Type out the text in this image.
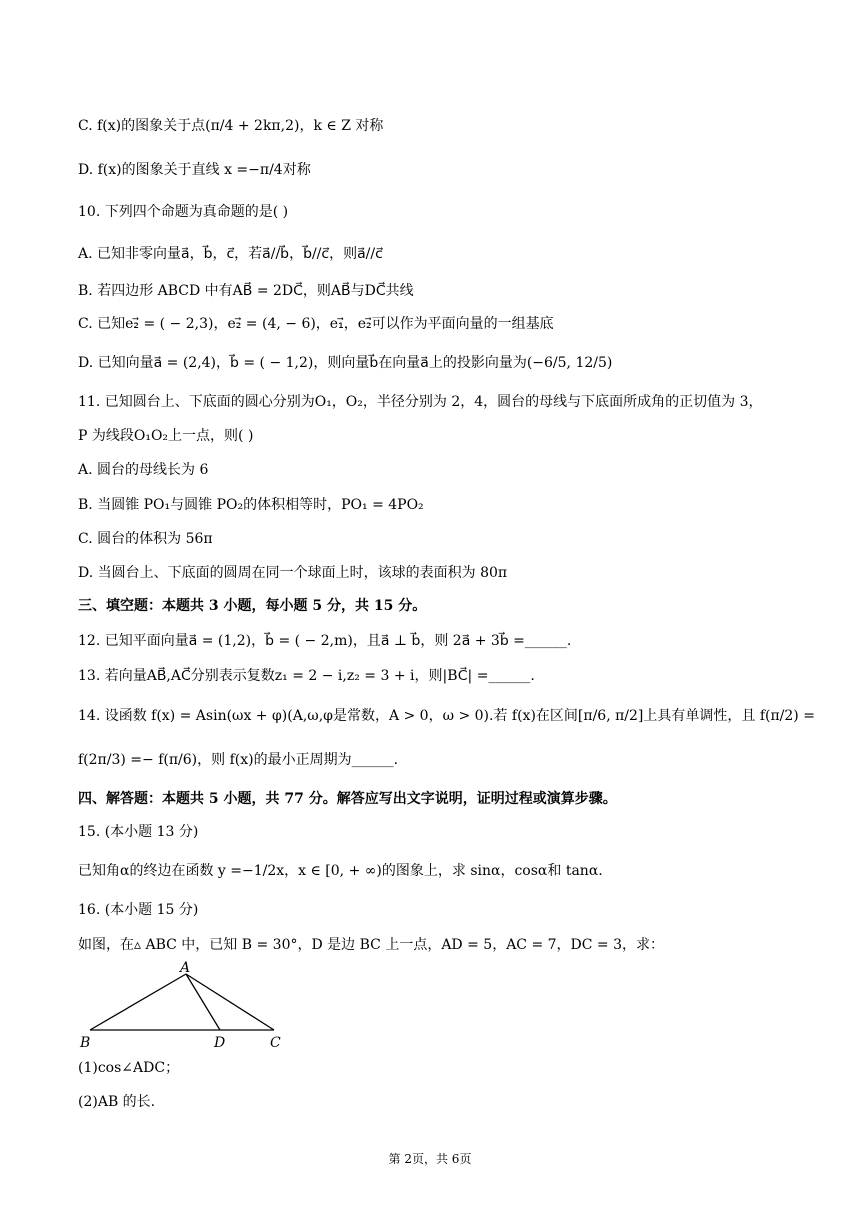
C. f(x)的图象关于点(π/4 + 2kπ,2)，k ∈ Z 对称
D. f(x)的图象关于直线 x =−π/4对称
10. 下列四个命题为真命题的是( )
A. 已知非零向量a⃗，b⃗，c⃗，若a⃗//b⃗，b⃗//c⃗，则a⃗//c⃗
B. 若四边形 ABCD 中有AB⃗ = 2DC⃗，则AB⃗与DC⃗共线
C. 已知e₂⃗ = ( − 2,3)，e₂⃗ = (4, − 6)，e₁⃗，e₂⃗可以作为平面向量的一组基底
D. 已知向量a⃗ = (2,4)，b⃗ = ( − 1,2)，则向量b⃗在向量a⃗上的投影向量为(−6/5, 12/5)
11. 已知圆台上、下底面的圆心分别为O₁，O₂，半径分别为 2，4，圆台的母线与下底面所成角的正切值为 3，
P 为线段O₁O₂上一点，则( )
A. 圆台的母线长为 6
B. 当圆锥 PO₁与圆锥 PO₂的体积相等时，PO₁ = 4PO₂
C. 圆台的体积为 56π
D. 当圆台上、下底面的圆周在同一个球面上时，该球的表面积为 80π
三、填空题：本题共 3 小题，每小题 5 分，共 15 分。
12. 已知平面向量a⃗ = (1,2)，b⃗ = ( − 2,m)，且a⃗ ⊥ b⃗，则 2a⃗ + 3b⃗ =______.
13. 若向量AB⃗,AC⃗分别表示复数z₁ = 2 − i,z₂ = 3 + i，则|BC⃗| =______.
14. 设函数 f(x) = Asin(ωx + φ)(A,ω,φ是常数，A > 0，ω > 0).若 f(x)在区间[π/6, π/2]上具有单调性，且 f(π/2) =
f(2π/3) =− f(π/6)，则 f(x)的最小正周期为______.
四、解答题：本题共 5 小题，共 77 分。解答应写出文字说明，证明过程或演算步骤。
15. (本小题 13 分)
已知角α的终边在函数 y =−1/2x，x ∈ [0, + ∞)的图象上，求 sinα，cosα和 tanα.
16. (本小题 15 分)
如图，在▵ ABC 中，已知 B = 30°，D 是边 BC 上一点，AD = 5，AC = 7，DC = 3，求：
A
B	C
D
(1)cos∠ADC；
(2)AB 的长.
第 2页，共 6页
